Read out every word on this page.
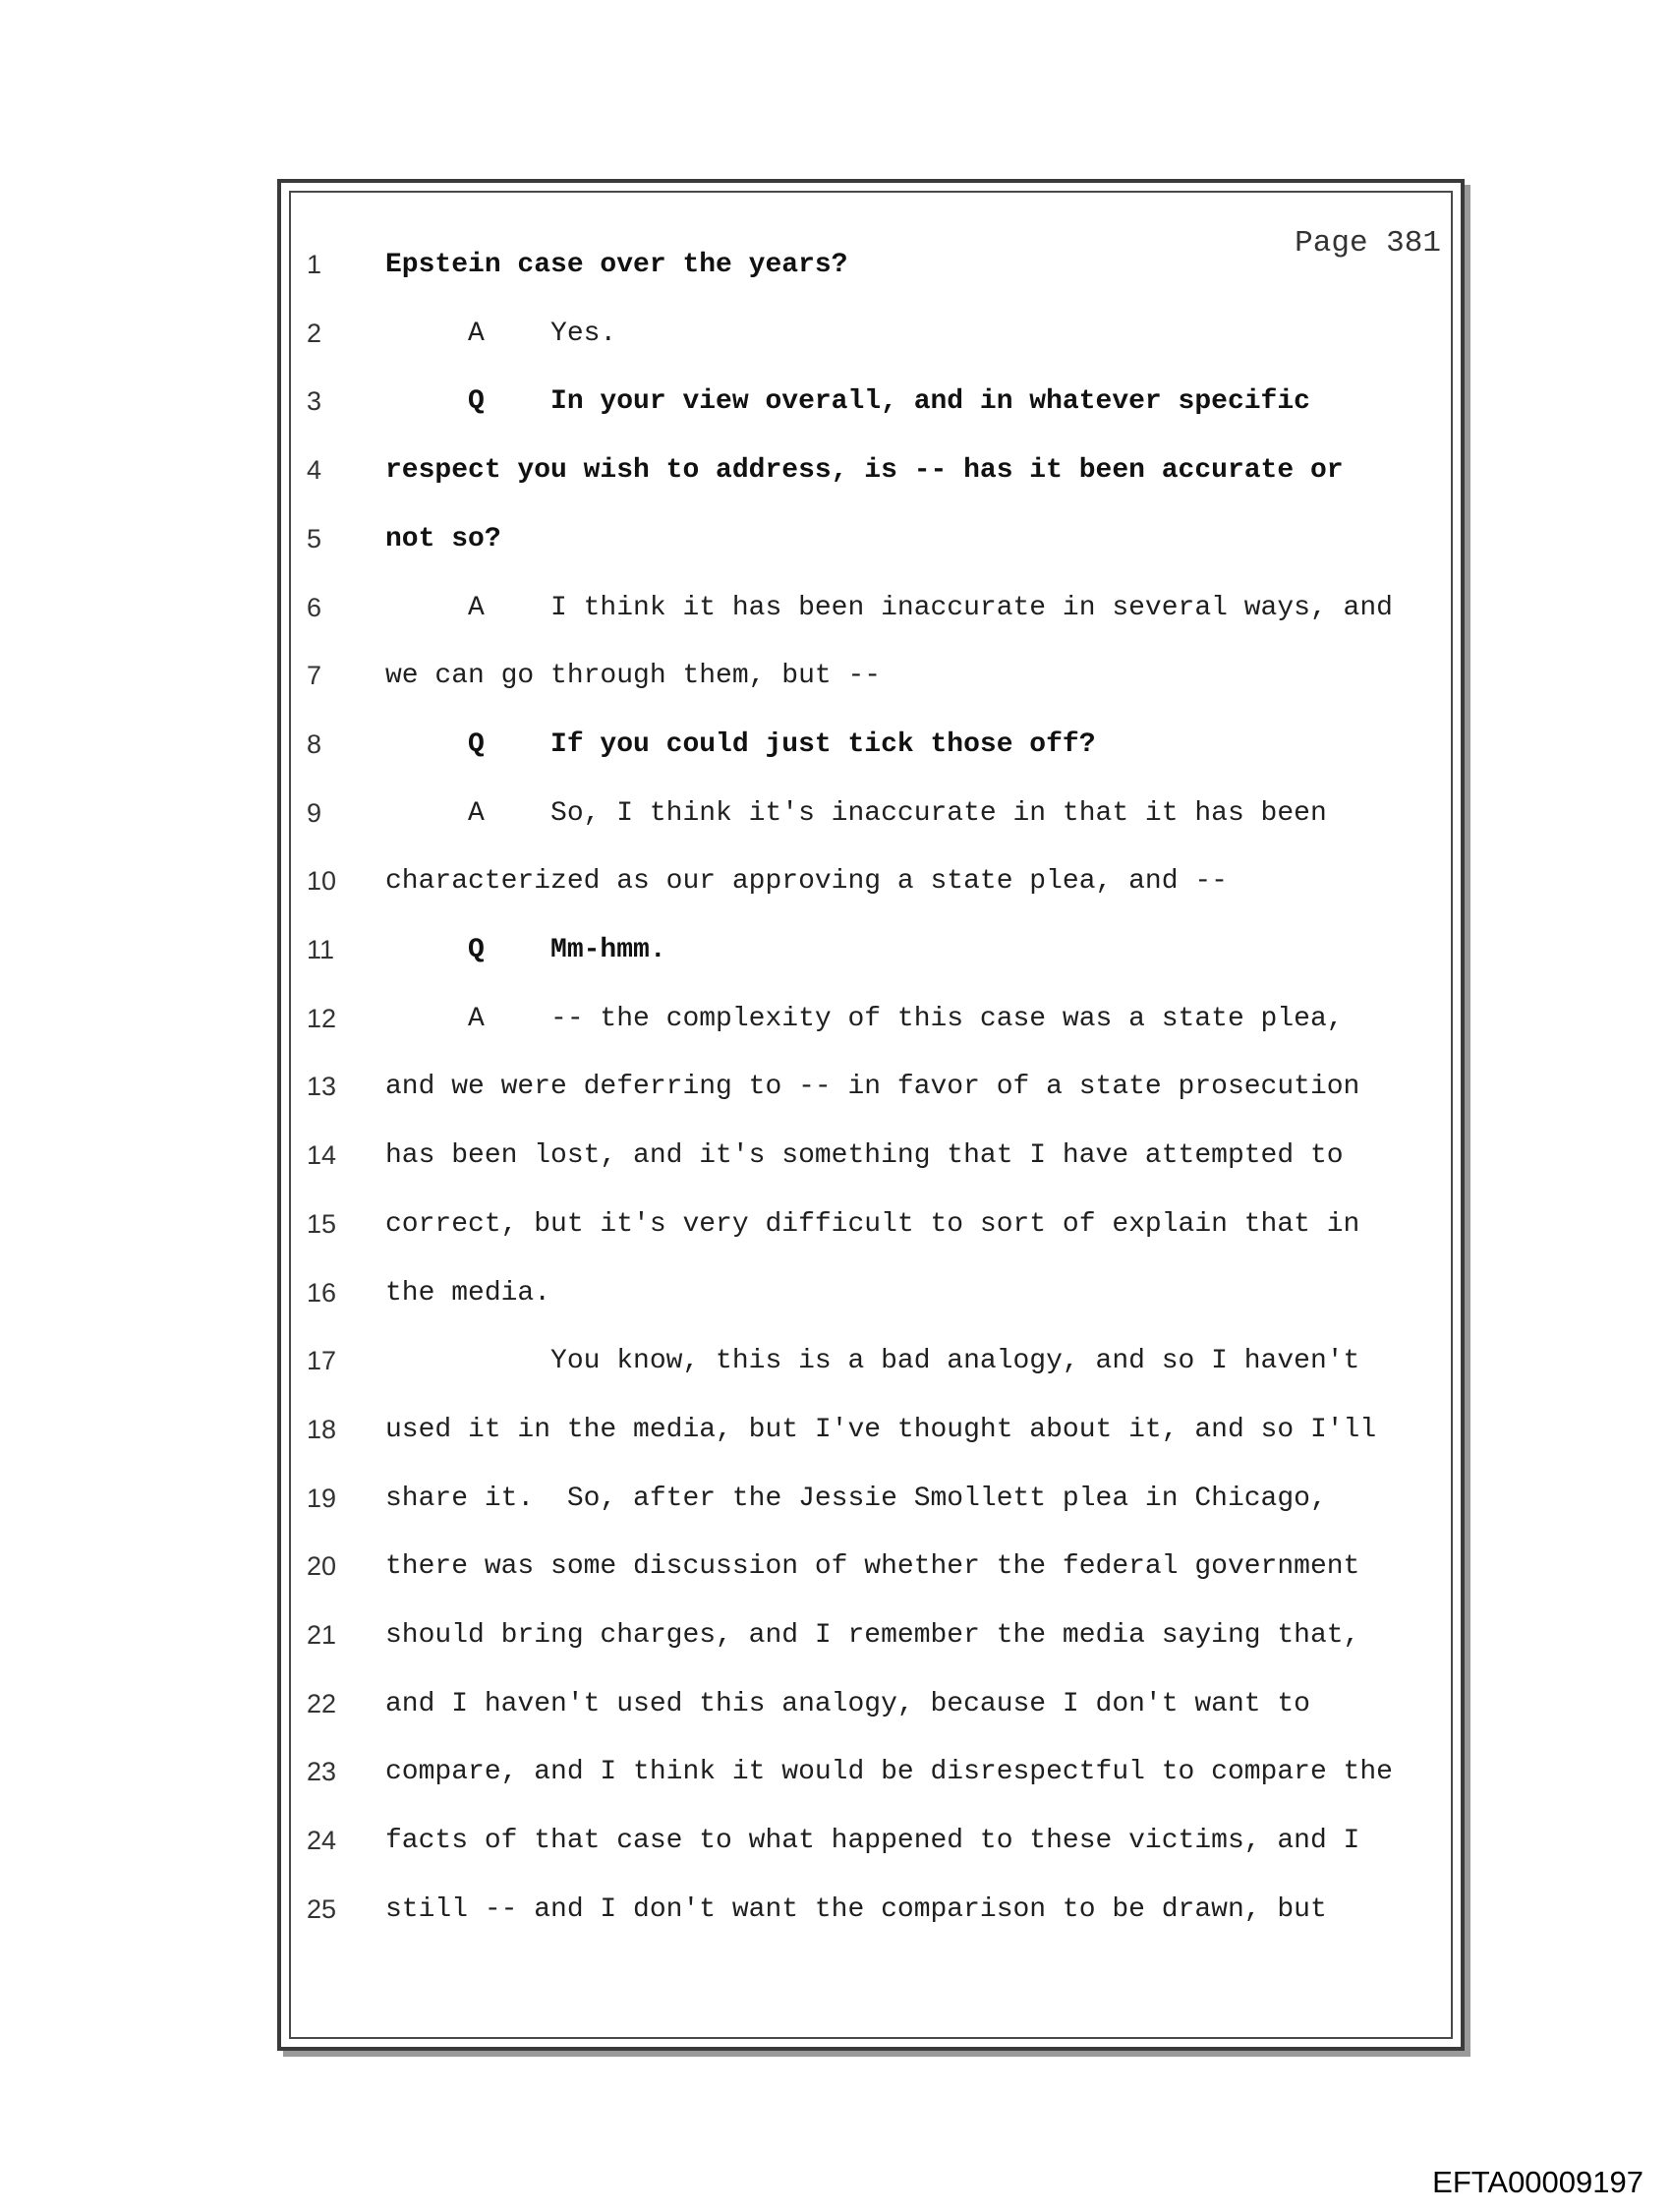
Page 381
1	Epstein case over the years?
2	A    Yes.
3	Q    In your view overall, and in whatever specific
4	respect you wish to address, is -- has it been accurate or
5	not so?
6	A    I think it has been inaccurate in several ways, and
7	we can go through them, but --
8	Q    If you could just tick those off?
9	A    So, I think it's inaccurate in that it has been
10	characterized as our approving a state plea, and --
11	Q    Mm-hmm.
12	A    -- the complexity of this case was a state plea,
13	and we were deferring to -- in favor of a state prosecution
14	has been lost, and it's something that I have attempted to
15	correct, but it's very difficult to sort of explain that in
16	the media.
17	You know, this is a bad analogy, and so I haven't
18	used it in the media, but I've thought about it, and so I'll
19	share it.  So, after the Jessie Smollett plea in Chicago,
20	there was some discussion of whether the federal government
21	should bring charges, and I remember the media saying that,
22	and I haven't used this analogy, because I don't want to
23	compare, and I think it would be disrespectful to compare the
24	facts of that case to what happened to these victims, and I
25	still -- and I don't want the comparison to be drawn, but
EFTA00009197
